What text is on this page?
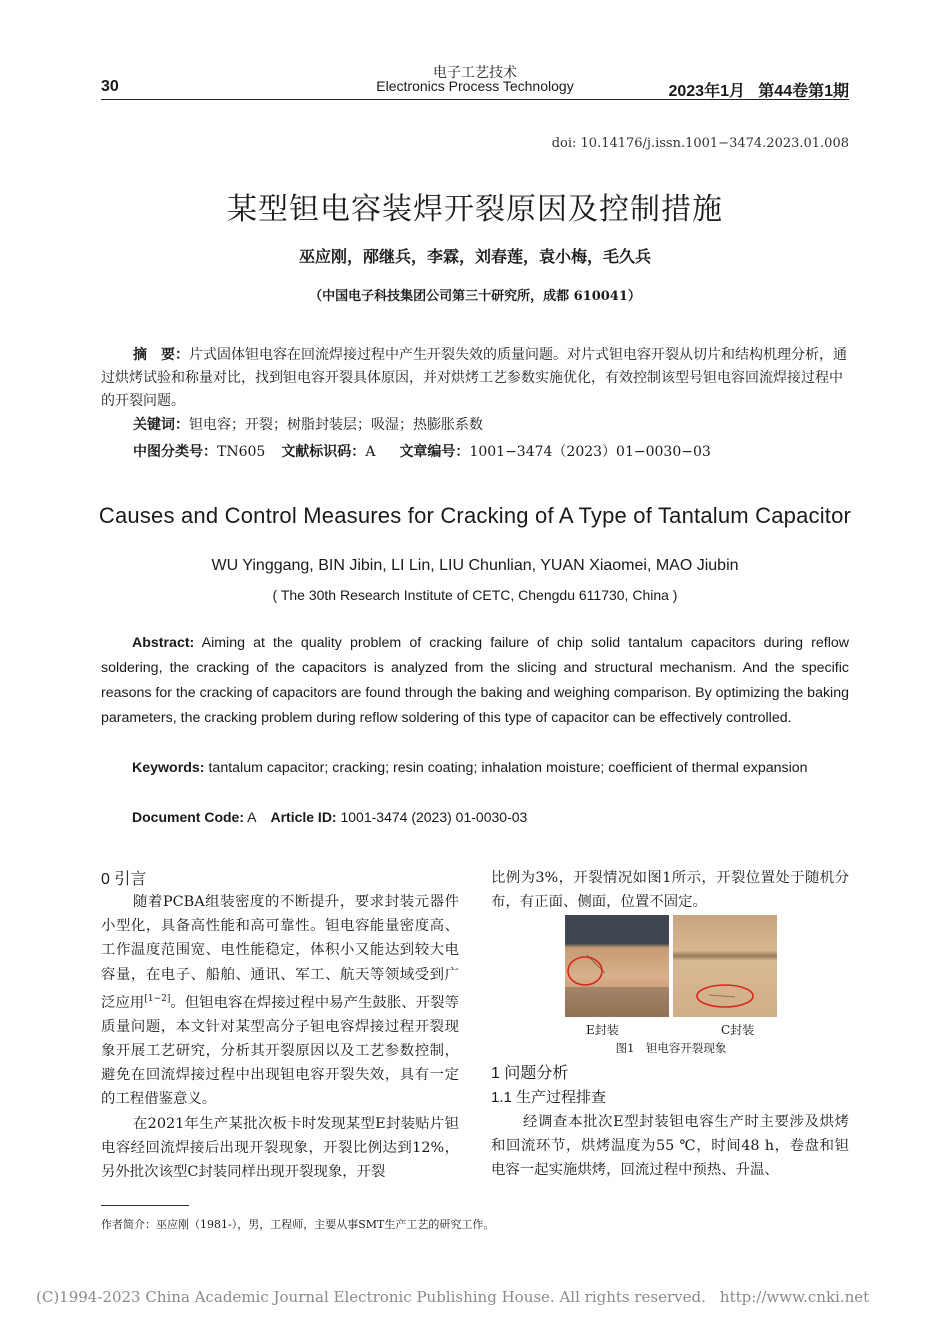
30
电子工艺技术
Electronics Process Technology	2023年1月   第44卷第1期
doi: 10.14176/j.issn.1001−3474.2023.01.008
某型钽电容装焊开裂原因及控制措施
巫应刚，邴继兵，李霖，刘春莲，袁小梅，毛久兵
（中国电子科技集团公司第三十研究所，成都 610041）
摘　要：片式固体钽电容在回流焊接过程中产生开裂失效的质量问题。对片式钽电容开裂从切片和结构机理分析，通过烘烤试验和称量对比，找到钽电容开裂具体原因，并对烘烤工艺参数实施优化，有效控制该型号钽电容回流焊接过程中的开裂问题。
关键词：钽电容；开裂；树脂封装层；吸湿；热膨胀系数
中图分类号：TN605 文献标识码：A 文章编号：1001−3474（2023）01−0030−03
Causes and Control Measures for Cracking of A Type of Tantalum Capacitor
WU Yinggang, BIN Jibin, LI Lin, LIU Chunlian, YUAN Xiaomei, MAO Jiubin
( The 30th Research Institute of CETC, Chengdu 611730, China )
Abstract: Aiming at the quality problem of cracking failure of chip solid tantalum capacitors during reflow soldering, the cracking of the capacitors is analyzed from the slicing and structural mechanism. And the specific reasons for the cracking of capacitors are found through the baking and weighing comparison. By optimizing the baking parameters, the cracking problem during reflow soldering of this type of capacitor can be effectively controlled.
Keywords: tantalum capacitor; cracking; resin coating; inhalation moisture; coefficient of thermal expansion
Document Code: A Article ID: 1001-3474 (2023) 01-0030-03
0 引言

随着PCBA组装密度的不断提升，要求封装元器件小型化，具备高性能和高可靠性。钽电容能量密度高、工作温度范围宽、电性能稳定，体积小又能达到较大电容量，在电子、船舶、通讯、军工、航天等领域受到广泛应用[1−2]。但钽电容在焊接过程中易产生鼓胀、开裂等质量问题，本文针对某型高分子钽电容焊接过程开裂现象开展工艺研究，分析其开裂原因以及工艺参数控制，避免在回流焊接过程中出现钽电容开裂失效，具有一定的工程借鉴意义。

在2021年生产某批次板卡时发现某型E封装贴片钽电容经回流焊接后出现开裂现象，开裂比例达到12%，另外批次该型C封装同样出现开裂现象，开裂

比例为3%，开裂情况如图1所示，开裂位置处于随机分布，有正面、侧面，位置不固定。
E封装	C封装
图1　钽电容开裂现象
1 问题分析
1.1 生产过程排查

经调查本批次E型封装钽电容生产时主要涉及烘烤和回流环节，烘烤温度为55 ℃，时间48 h，卷盘和钽电容一起实施烘烤，回流过程中预热、升温、

作者简介：巫应刚（1981-），男，工程师，主要从事SMT生产工艺的研究工作。
(C)1994-2023 China Academic Journal Electronic Publishing House. All rights reserved. http://www.cnki.net
